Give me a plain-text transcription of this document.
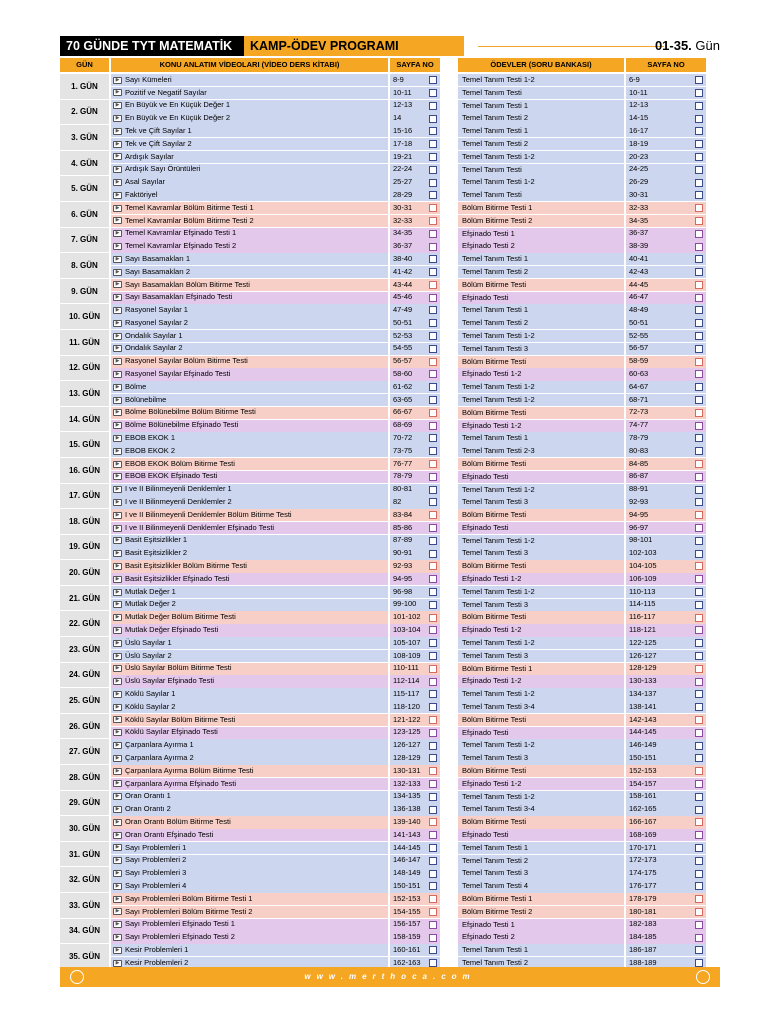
70 GÜNDE TYT MATEMATİK	KAMP-ÖDEV PROGRAMI	01-35. Gün
GÜN	KONU ANLATIM VİDEOLARI (VİDEO DERS KİTABI)	SAYFA NO	ÖDEVLER (SORU BANKASI)	SAYFA NO
1. GÜN
▶ Sayı Kümeleri	8-9	Temel Tanım Testi 1-2	6-9
▶ Pozitif ve Negatif Sayılar	10-11	Temel Tanım Testi	10-11
2. GÜN
▶ En Büyük ve En Küçük Değer 1	12-13	Temel Tanım Testi 1	12-13
▶ En Büyük ve En Küçük Değer 2	14	Temel Tanım Testi 2	14-15
3. GÜN
▶ Tek ve Çift Sayılar 1	15-16	Temel Tanım Testi 1	16-17
▶ Tek ve Çift Sayılar 2	17-18	Temel Tanım Testi 2	18-19
4. GÜN
▶ Ardışık Sayılar	19-21	Temel Tanım Testi 1-2	20-23
▶ Ardışık Sayı Örüntüleri	22-24	Temel Tanım Testi	24-25
5. GÜN
▶ Asal Sayılar	25-27	Temel Tanım Testi 1-2	26-29
▶ Faktöriyel	28-29	Temel Tanım Testi	30-31
6. GÜN
▶ Temel Kavramlar Bölüm Bitirme Testi 1	30-31	Bölüm Bitirme Testi 1	32-33
▶ Temel Kavramlar Bölüm Bitirme Testi 2	32-33	Bölüm Bitirme Testi 2	34-35
7. GÜN
▶ Temel Kavramlar Efşinado Testi 1	34-35	Efşinado Testi 1	36-37
▶ Temel Kavramlar Efşinado Testi 2	36-37	Efşinado Testi 2	38-39
8. GÜN
▶ Sayı Basamakları 1	38-40	Temel Tanım Testi 1	40-41
▶ Sayı Basamakları 2	41-42	Temel Tanım Testi 2	42-43
9. GÜN
▶ Sayı Basamakları Bölüm Bitirme Testi	43-44	Bölüm Bitirme Testi	44-45
▶ Sayı Basamakları Efşinado Testi	45-46	Efşinado Testi	46-47
10. GÜN
▶ Rasyonel Sayılar 1	47-49	Temel Tanım Testi 1	48-49
▶ Rasyonel Sayılar 2	50-51	Temel Tanım Testi 2	50-51
11. GÜN
▶ Ondalık Sayılar 1	52-53	Temel Tanım Testi 1-2	52-55
▶ Ondalık Sayılar 2	54-55	Temel Tanım Testi 3	56-57
12. GÜN
▶ Rasyonel Sayılar Bölüm Bitirme Testi	56-57	Bölüm Bitirme Testi	58-59
▶ Rasyonel Sayılar Efşinado Testi	58-60	Efşinado Testi 1-2	60-63
13. GÜN
▶ Bölme	61-62	Temel Tanım Testi 1-2	64-67
▶ Bölünebilme	63-65	Temel Tanım Testi 1-2	68-71
14. GÜN
▶ Bölme Bölünebilme Bölüm Bitirme Testi	66-67	Bölüm Bitirme Testi	72-73
▶ Bölme Bölünebilme Efşinado Testi	68-69	Efşinado Testi 1-2	74-77
15. GÜN
▶ EBOB EKOK 1	70-72	Temel Tanım Testi 1	78-79
▶ EBOB EKOK 2	73-75	Temel Tanım Testi 2-3	80-83
16. GÜN
▶ EBOB EKOK Bölüm Bitirme Testi	76-77	Bölüm Bitirme Testi	84-85
▶ EBOB EKOK Efşinado Testi	78-79	Efşinado Testi	86-87
17. GÜN
▶ I ve II Bilinmeyenli Denklemler 1	80-81	Temel Tanım Testi 1-2	88-91
▶ I ve II Bilinmeyenli Denklemler 2	82	Temel Tanım Testi 3	92-93
18. GÜN
▶ I ve II Bilinmeyenli Denklemler Bölüm Bitirme Testi	83-84	Bölüm Bitirme Testi	94-95
▶ I ve II Bilinmeyenli Denklemler Efşinado Testi	85-86	Efşinado Testi	96-97
19. GÜN
▶ Basit Eşitsizlikler 1	87-89	Temel Tanım Testi 1-2	98-101
▶ Basit Eşitsizlikler 2	90-91	Temel Tanım Testi 3	102-103
20. GÜN
▶ Basit Eşitsizlikler Bölüm Bitirme Testi	92-93	Bölüm Bitirme Testi	104-105
▶ Basit Eşitsizlikler Efşinado Testi	94-95	Efşinado Testi 1-2	106-109
21. GÜN
▶ Mutlak Değer 1	96-98	Temel Tanım Testi 1-2	110-113
▶ Mutlak Değer 2	99-100	Temel Tanım Testi 3	114-115
22. GÜN
▶ Mutlak Değer Bölüm Bitirme Testi	101-102	Bölüm Bitirme Testi	116-117
▶ Mutlak Değer Efşinado Testi	103-104	Efşinado Testi 1-2	118-121
23. GÜN
▶ Üslü Sayılar 1	105-107	Temel Tanım Testi 1-2	122-125
▶ Üslü Sayılar 2	108-109	Temel Tanım Testi 3	126-127
24. GÜN
▶ Üslü Sayılar Bölüm Bitirme Testi	110-111	Bölüm Bitirme Testi 1	128-129
▶ Üslü Sayılar Efşinado Testi	112-114	Efşinado Testi 1-2	130-133
25. GÜN
▶ Köklü Sayılar 1	115-117	Temel Tanım Testi 1-2	134-137
▶ Köklü Sayılar 2	118-120	Temel Tanım Testi 3-4	138-141
26. GÜN
▶ Köklü Sayılar Bölüm Bitirme Testi	121-122	Bölüm Bitirme Testi	142-143
▶ Köklü Sayılar Efşinado Testi	123-125	Efşinado Testi	144-145
27. GÜN
▶ Çarpanlara Ayırma 1	126-127	Temel Tanım Testi 1-2	146-149
▶ Çarpanlara Ayırma 2	128-129	Temel Tanım Testi 3	150-151
28. GÜN
▶ Çarpanlara Ayırma Bölüm Bitirme Testi	130-131	Bölüm Bitirme Testi	152-153
▶ Çarpanlara Ayırma Efşinado Testi	132-133	Efşinado Testi 1-2	154-157
29. GÜN
▶ Oran Orantı 1	134-135	Temel Tanım Testi 1-2	158-161
▶ Oran Orantı 2	136-138	Temel Tanım Testi 3-4	162-165
30. GÜN
▶ Oran Orantı Bölüm Bitirme Testi	139-140	Bölüm Bitirme Testi	166-167
▶ Oran Orantı Efşinado Testi	141-143	Efşinado Testi	168-169
31. GÜN
▶ Sayı Problemleri 1	144-145	Temel Tanım Testi 1	170-171
▶ Sayı Problemleri 2	146-147	Temel Tanım Testi 2	172-173
32. GÜN
▶ Sayı Problemleri 3	148-149	Temel Tanım Testi 3	174-175
▶ Sayı Problemleri 4	150-151	Temel Tanım Testi 4	176-177
33. GÜN
▶ Sayı Problemleri Bölüm Bitirme Testi 1	152-153	Bölüm Bitirme Testi 1	178-179
▶ Sayı Problemleri Bölüm Bitirme Testi 2	154-155	Bölüm Bitirme Testi 2	180-181
34. GÜN
▶ Sayı Problemleri Efşinado Testi 1	156-157	Efşinado Testi 1	182-183
▶ Sayı Problemleri Efşinado Testi 2	158-159	Efşinado Testi 2	184-185
35. GÜN
▶ Kesir Problemleri 1	160-161	Temel Tanım Testi 1	186-187
▶ Kesir Problemleri 2	162-163	Temel Tanım Testi 2	188-189
www.merthoca.com
